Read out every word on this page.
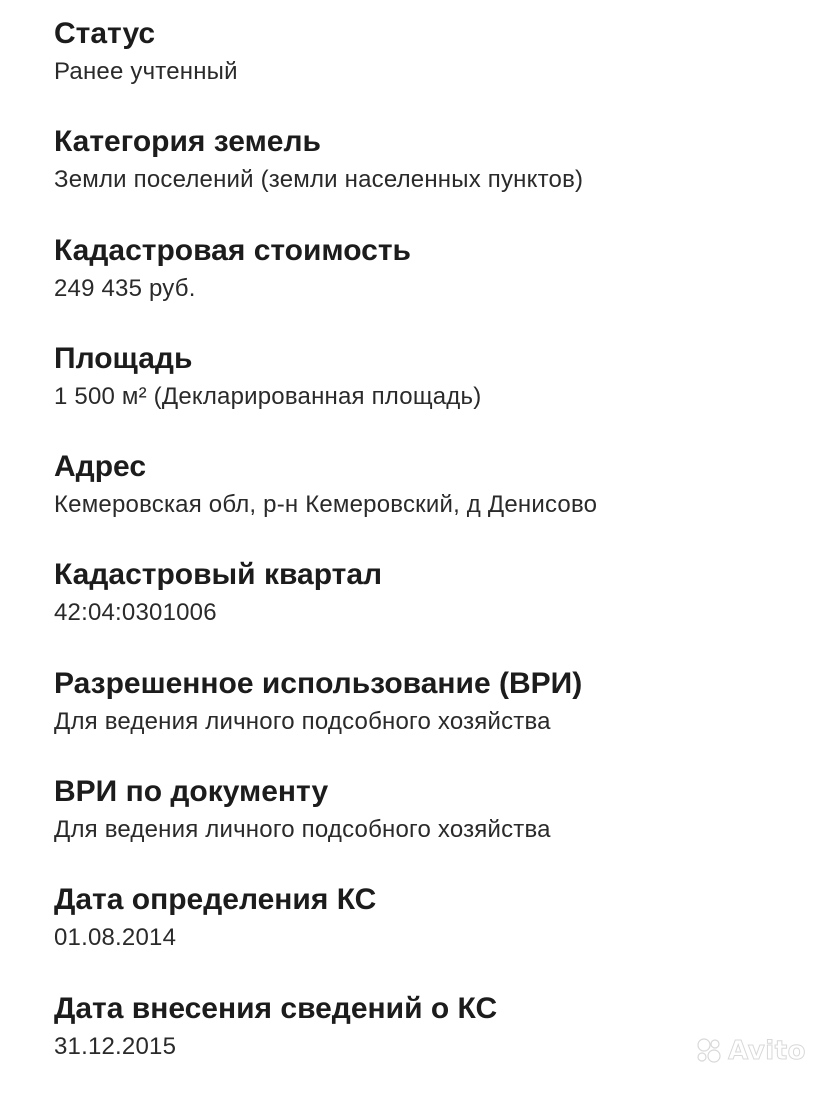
Статус
Ранее учтенный
Категория земель
Земли поселений (земли населенных пунктов)
Кадастровая стоимость
249 435 руб.
Площадь
1 500 м² (Декларированная площадь)
Адрес
Кемеровская обл, р-н Кемеровский, д Денисово
Кадастровый квартал
42:04:0301006
Разрешенное использование (ВРИ)
Для ведения личного подсобного хозяйства
ВРИ по документу
Для ведения личного подсобного хозяйства
Дата определения КС
01.08.2014
Дата внесения сведений о КС
31.12.2015	Avito
